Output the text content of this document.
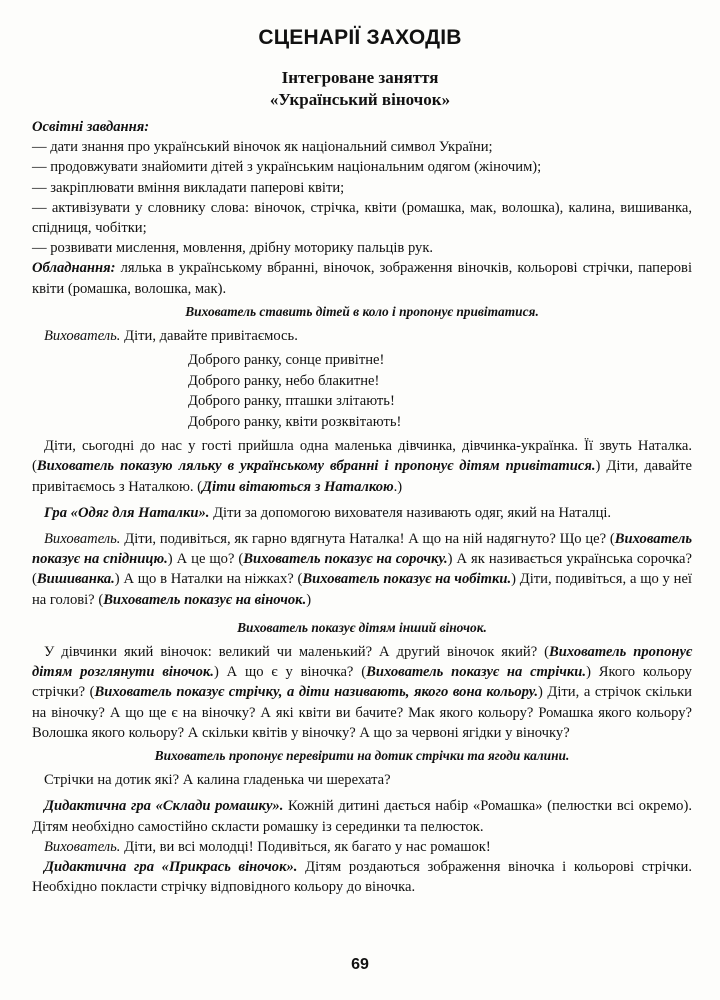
СЦЕНАРІЇ ЗАХОДІВ
Інтегроване заняття
«Український віночок»

Освітні завдання:

— дати знання про український віночок як національний символ України;

— продовжувати знайомити дітей з українським національним одягом (жіночим);

— закріплювати вміння викладати паперові квіти;

— активізувати у словнику слова: віночок, стрічка, квіти (ромашка, мак, волошка), калина, вишиванка, спідниця, чобітки;

— розвивати мислення, мовлення, дрібну моторику пальців рук.

Обладнання: лялька в українському вбранні, віночок, зображення віночків, кольорові стрічки, паперові квіти (ромашка, волошка, мак).

Вихователь ставить дітей в коло і пропонує привітатися.

Вихователь. Діти, давайте привітаємось.

Доброго ранку, сонце привітне!
Доброго ранку, небо блакитне!
Доброго ранку, пташки злітають!
Доброго ранку, квіти розквітають!

Діти, сьогодні до нас у гості прийшла одна маленька дівчинка, дівчинка-українка. Її звуть Наталка. (Вихователь показую ляльку в українському вбранні і пропонує дітям привітатися.) Діти, давайте привітаємось з Наталкою. (Діти вітаються з Наталкою.)

Гра «Одяг для Наталки». Діти за допомогою вихователя називають одяг, який на Наталці.

Вихователь. Діти, подивіться, як гарно вдягнута Наталка! А що на ній надягнуто? Що це? (Вихователь показує на спідницю.) А це що? (Вихователь показує на сорочку.) А як називається українська сорочка? (Вишиванка.) А що в Наталки на ніжках? (Вихователь показує на чобітки.) Діти, подивіться, а що у неї на голові? (Вихователь показує на віночок.)

Вихователь показує дітям інший віночок.

У дівчинки який віночок: великий чи маленький? А другий віночок який? (Вихователь пропонує дітям розглянути віночок.) А що є у віночка? (Вихователь показує на стрічки.) Якого кольору стрічки? (Вихователь показує стрічку, а діти називають, якого вона кольору.) Діти, а стрічок скільки на віночку? А що ще є на віночку? А які квіти ви бачите? Мак якого кольору? Ромашка якого кольору? Волошка якого кольору? А скільки квітів у віночку? А що за червоні ягідки у віночку?

Вихователь пропонує перевірити на дотик стрічки та ягоди калини.

Стрічки на дотик які? А калина гладенька чи шерехата?

Дидактична гра «Склади ромашку». Кожній дитині дається набір «Ромашка» (пелюстки всі окремо). Дітям необхідно самостійно скласти ромашку із серединки та пелюсток.

Вихователь. Діти, ви всі молодці! Подивіться, як багато у нас ромашок!

Дидактична гра «Прикрась віночок». Дітям роздаються зображення віночка і кольорові стрічки. Необхідно покласти стрічку відповідного кольору до віночка.

69
